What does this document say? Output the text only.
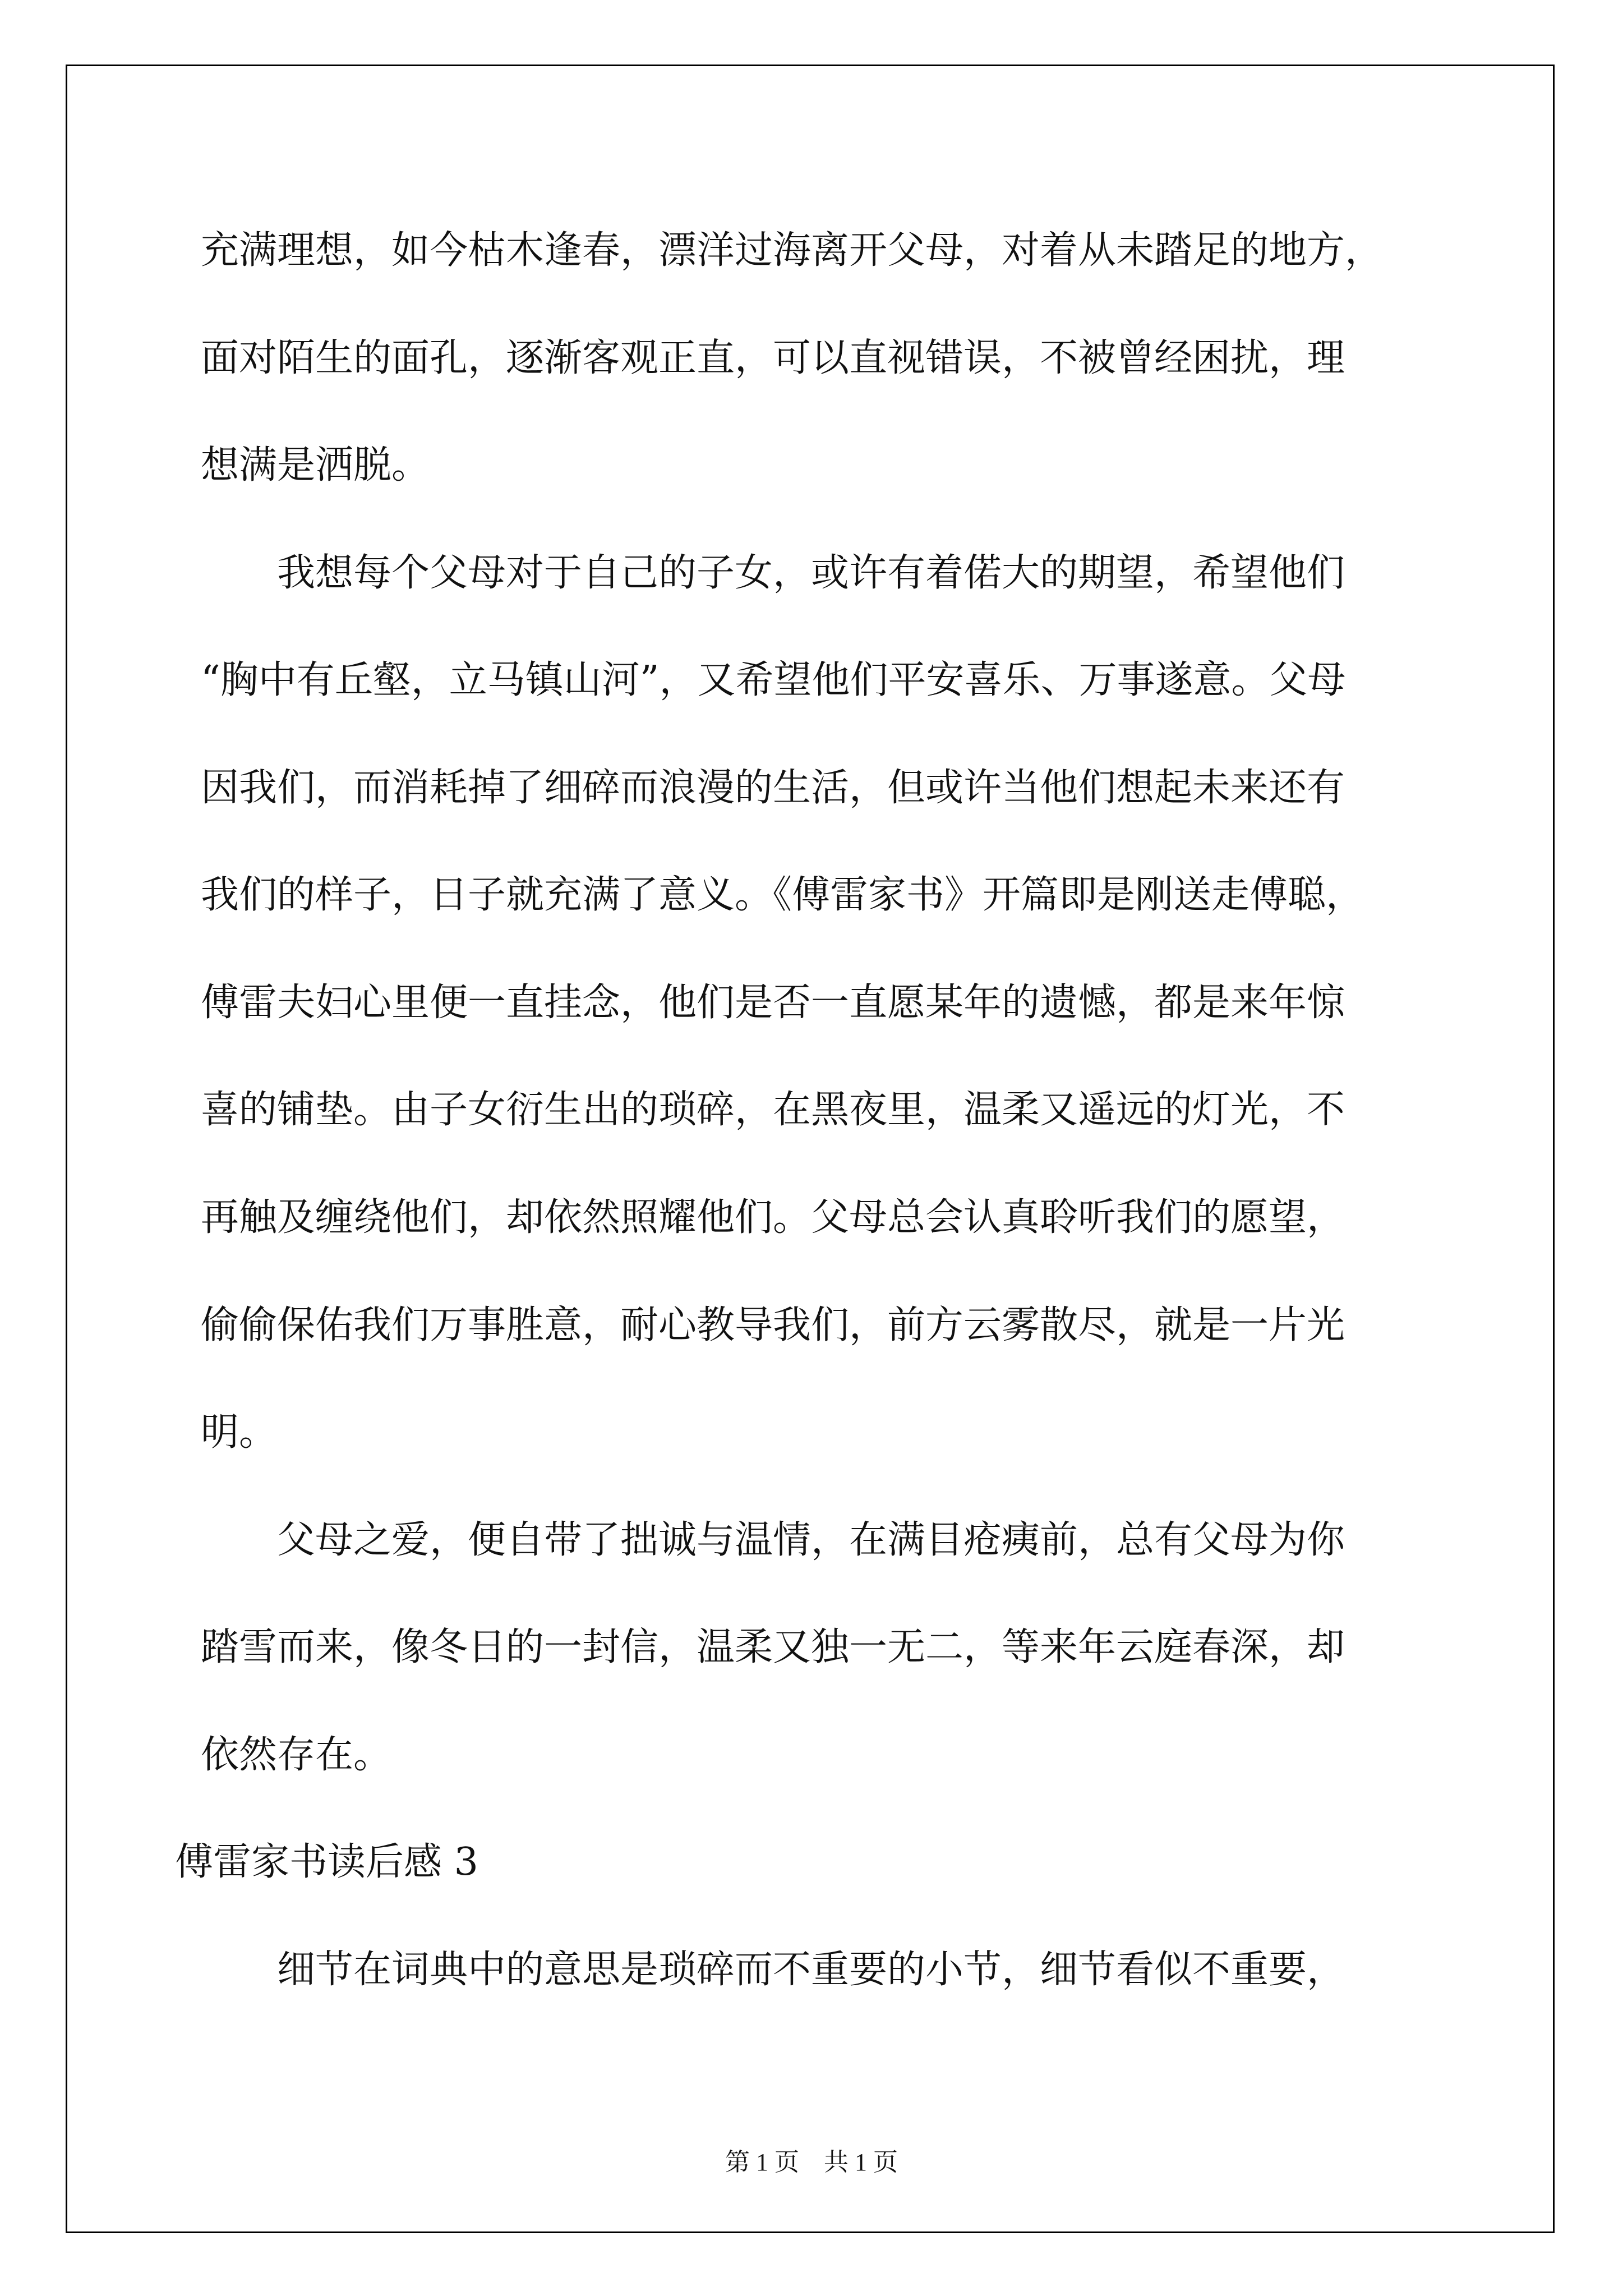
充满理想，如今枯木逢春，漂洋过海离开父母，对着从未踏足的地方，
面对陌生的面孔，逐渐客观正直，可以直视错误，不被曾经困扰，理
想满是洒脱。
　　我想每个父母对于自己的子女，或许有着偌大的期望，希望他们
“胸中有丘壑，立马镇山河”，又希望他们平安喜乐、万事遂意。父母
因我们，而消耗掉了细碎而浪漫的生活，但或许当他们想起未来还有
我们的样子，日子就充满了意义。《傅雷家书》开篇即是刚送走傅聪，
傅雷夫妇心里便一直挂念，他们是否一直愿某年的遗憾，都是来年惊
喜的铺垫。由子女衍生出的琐碎，在黑夜里，温柔又遥远的灯光，不
再触及缠绕他们，却依然照耀他们。父母总会认真聆听我们的愿望，
偷偷保佑我们万事胜意，耐心教导我们，前方云雾散尽，就是一片光
明。
　　父母之爱，便自带了拙诚与温情，在满目疮痍前，总有父母为你
踏雪而来，像冬日的一封信，温柔又独一无二，等来年云庭春深，却
依然存在。
傅雷家书读后感 3
　　细节在词典中的意思是琐碎而不重要的小节，细节看似不重要，
第 1 页　共 1 页
